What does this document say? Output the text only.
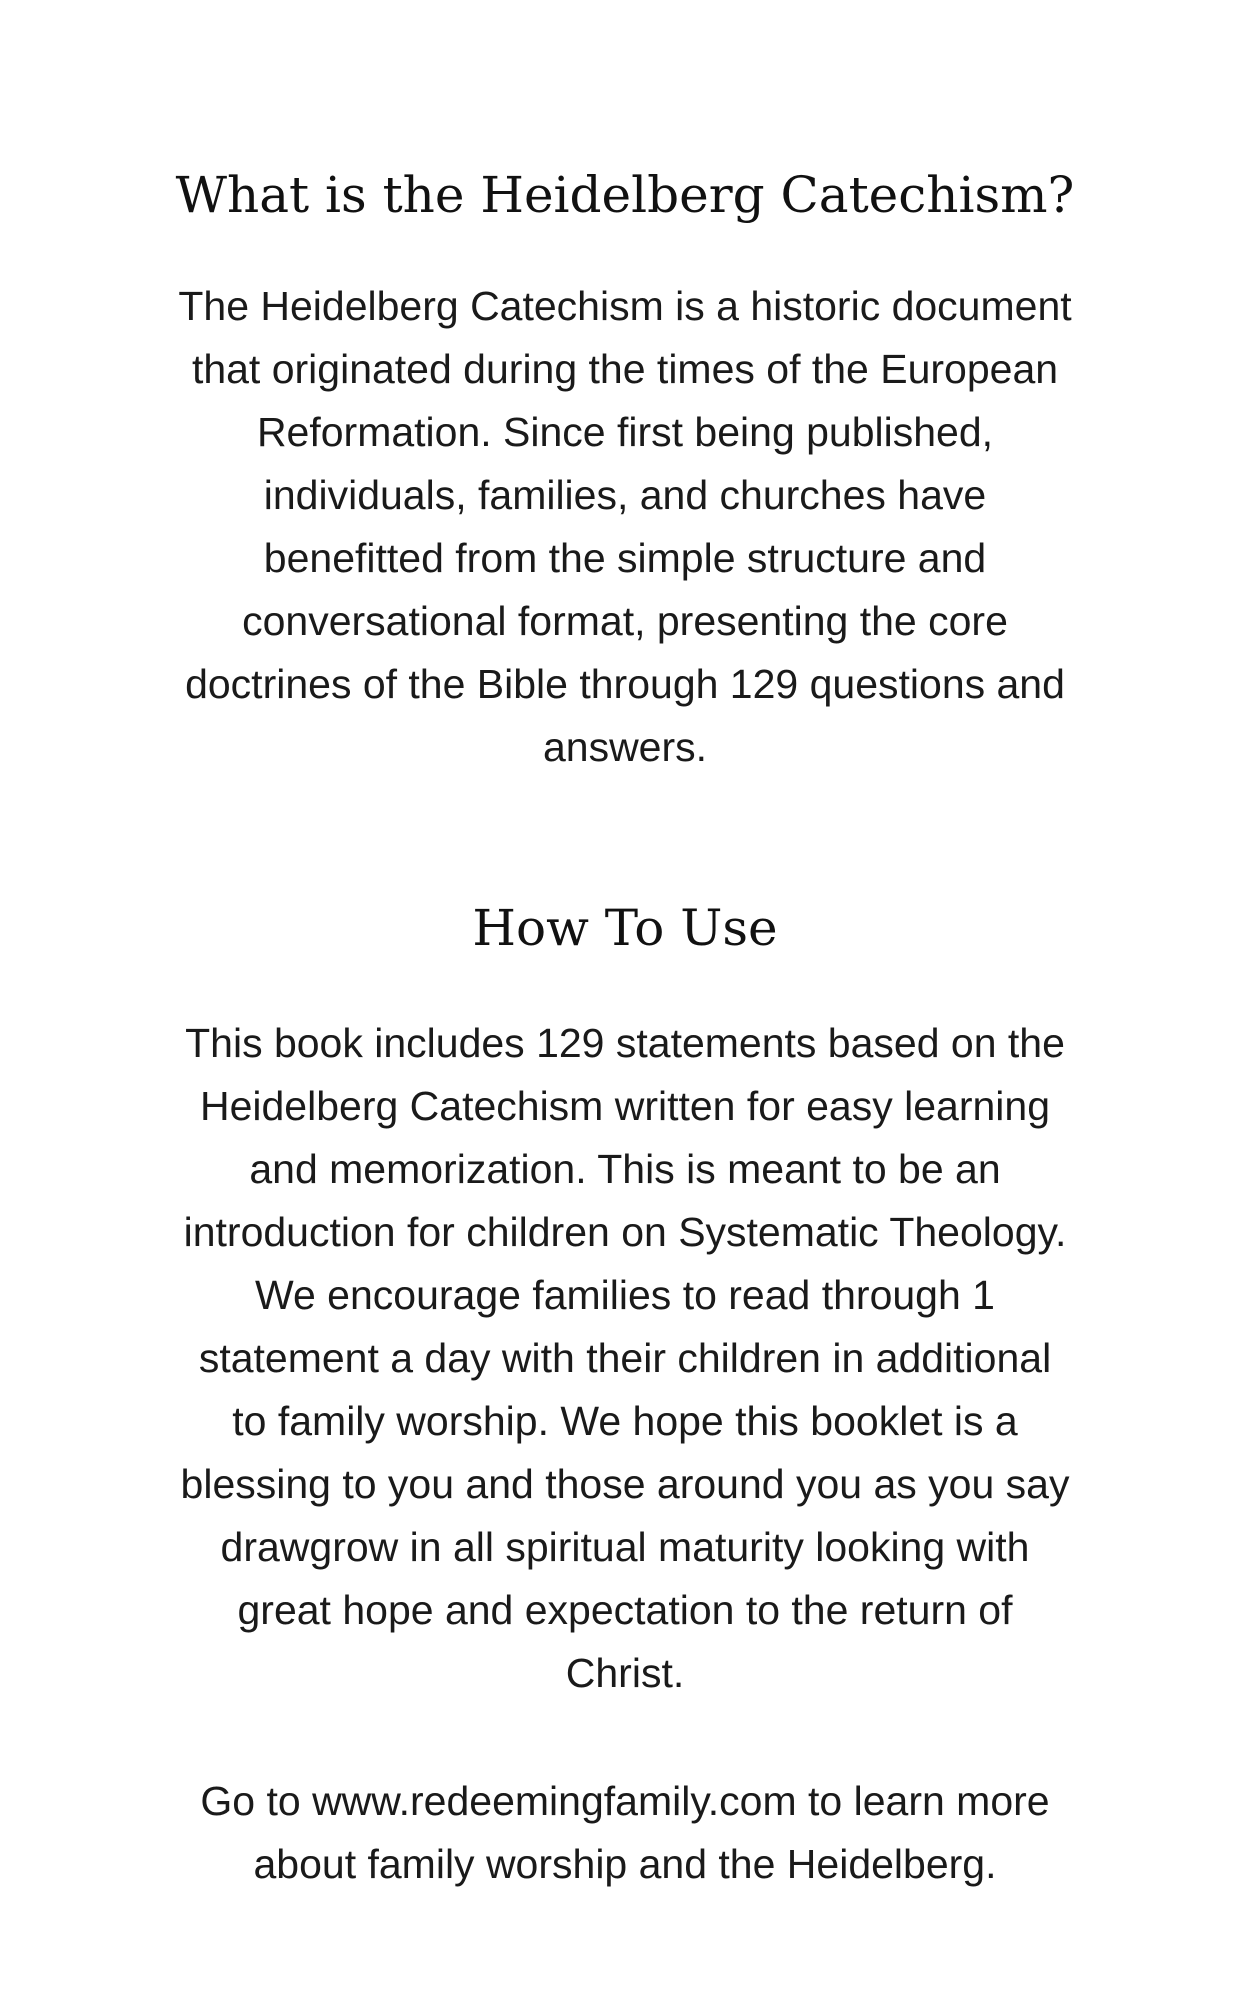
What is the Heidelberg Catechism?

The Heidelberg Catechism is a historic document
that originated during the times of the European
Reformation. Since first being published,
individuals, families, and churches have
benefitted from the simple structure and
conversational format, presenting the core
doctrines of the Bible through 129 questions and
answers.

How To Use

This book includes 129 statements based on the
Heidelberg Catechism written for easy learning
and memorization. This is meant to be an
introduction for children on Systematic Theology.
We encourage families to read through 1
statement a day with their children in additional
to family worship. We hope this booklet is a
blessing to you and those around you as you say
drawgrow in all spiritual maturity looking with
great hope and expectation to the return of
Christ.

Go to www.redeemingfamily.com to learn more
about family worship and the Heidelberg.
